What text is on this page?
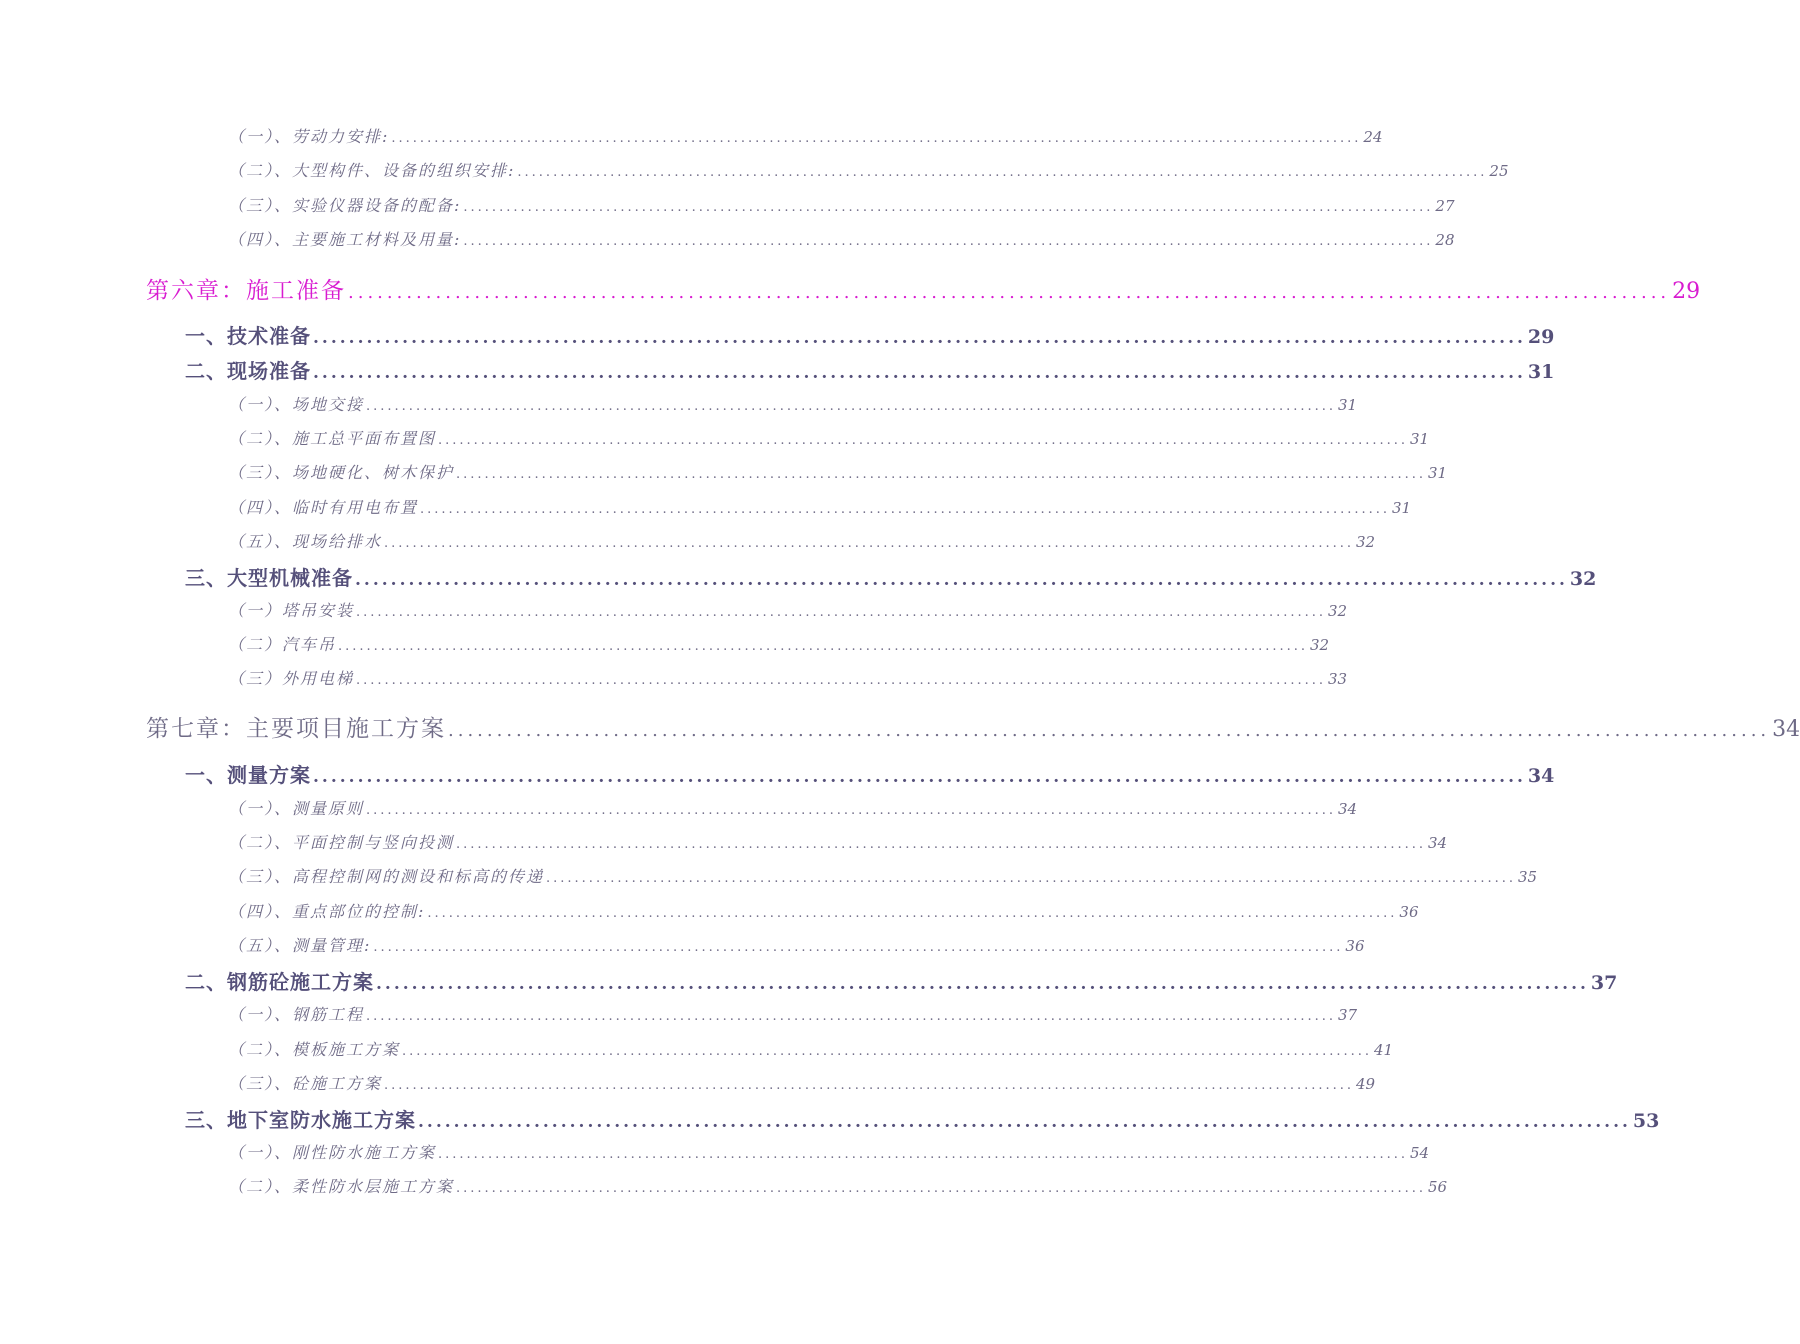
（一）、劳动力安排: ........................................................................................................................................ 24
（二）、大型构件、设备的组织安排: ........................................................................................................................................ 25
（三）、实验仪器设备的配备: ........................................................................................................................................ 27
（四）、主要施工材料及用量: ........................................................................................................................................ 28
第六章：施工准备 ........................................................................................................................................ 29
一、技术准备 ........................................................................................................................................ 29
二、现场准备 ........................................................................................................................................ 31
（一）、场地交接 ........................................................................................................................................ 31
（二）、施工总平面布置图 ........................................................................................................................................ 31
（三）、场地硬化、树木保护 ........................................................................................................................................ 31
（四）、临时有用电布置 ........................................................................................................................................ 31
（五）、现场给排水 ........................................................................................................................................ 32
三、大型机械准备 ........................................................................................................................................ 32
（一）塔吊安装 ........................................................................................................................................ 32
（二）汽车吊 ........................................................................................................................................ 32
（三）外用电梯 ........................................................................................................................................ 33
第七章：主要项目施工方案 ........................................................................................................................................ 34
一、测量方案 ........................................................................................................................................ 34
（一）、测量原则 ........................................................................................................................................ 34
（二）、平面控制与竖向投测 ........................................................................................................................................ 34
（三）、高程控制网的测设和标高的传递 ........................................................................................................................................ 35
（四）、重点部位的控制: ........................................................................................................................................ 36
（五）、测量管理: ........................................................................................................................................ 36
二、钢筋砼施工方案 ........................................................................................................................................ 37
（一）、钢筋工程 ........................................................................................................................................ 37
（二）、模板施工方案 ........................................................................................................................................ 41
（三）、砼施工方案 ........................................................................................................................................ 49
三、地下室防水施工方案 ........................................................................................................................................ 53
（一）、刚性防水施工方案 ........................................................................................................................................ 54
（二）、柔性防水层施工方案 ........................................................................................................................................ 56
